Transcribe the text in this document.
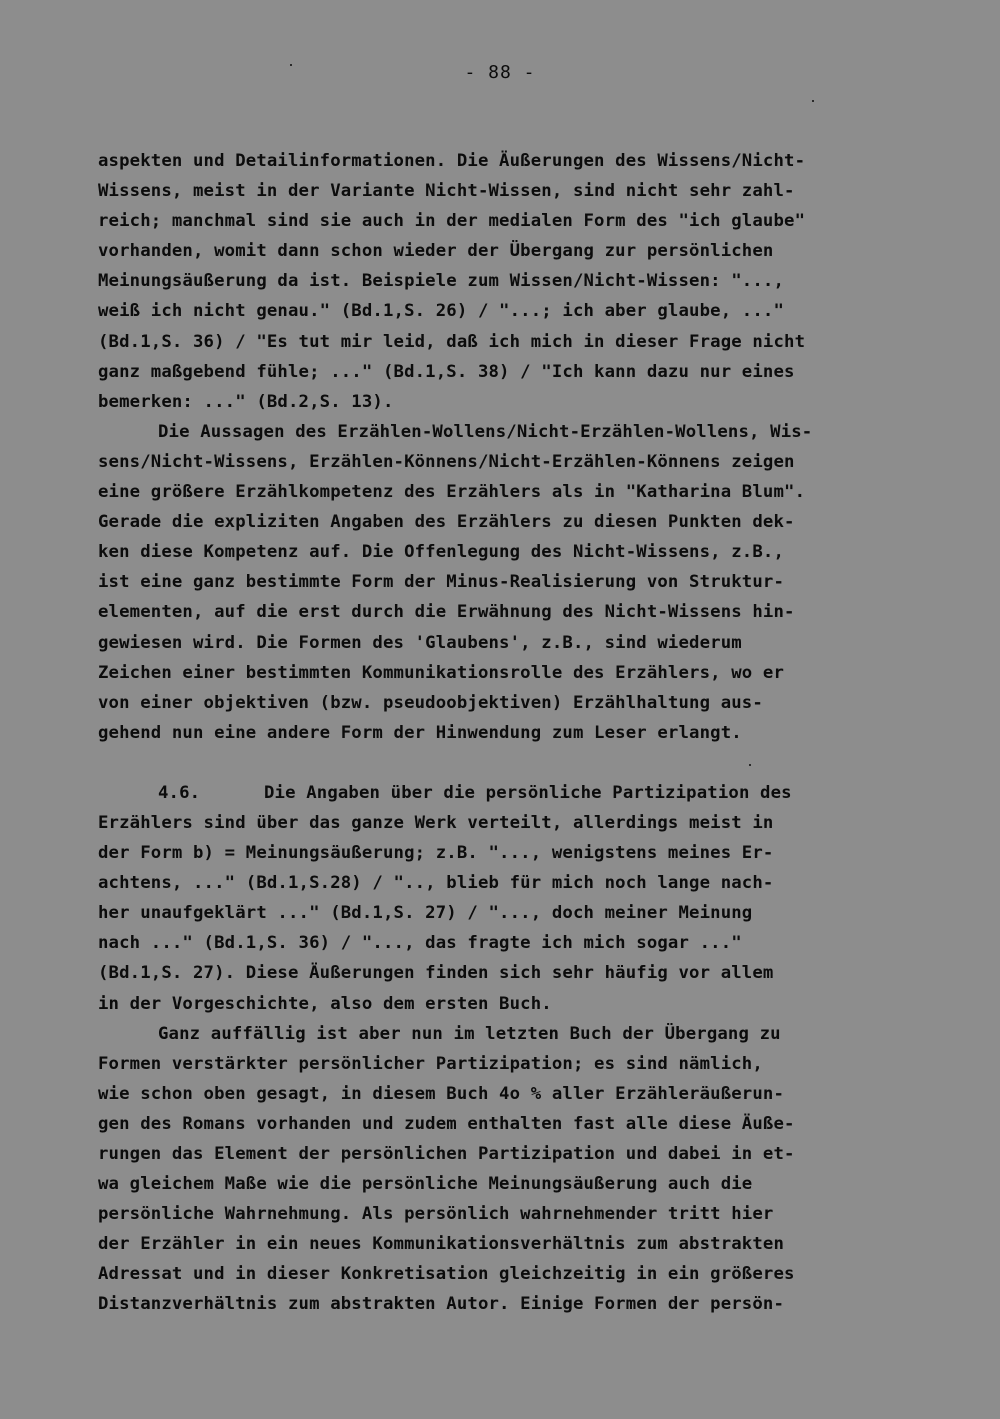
- 88 -
aspekten und Detailinformationen. Die Äußerungen des Wissens/Nicht-
Wissens, meist in der Variante Nicht-Wissen, sind nicht sehr zahl-
reich; manchmal sind sie auch in der medialen Form des "ich glaube"
vorhanden, womit dann schon wieder der Übergang zur persönlichen
Meinungsäußerung da ist. Beispiele zum Wissen/Nicht-Wissen: "...,
weiß ich nicht genau." (Bd.1,S. 26) / "...; ich aber glaube, ..."
(Bd.1,S. 36) / "Es tut mir leid, daß ich mich in dieser Frage nicht
ganz maßgebend fühle; ..." (Bd.1,S. 38) / "Ich kann dazu nur eines
bemerken: ..." (Bd.2,S. 13).
Die Aussagen des Erzählen-Wollens/Nicht-Erzählen-Wollens, Wis-
sens/Nicht-Wissens, Erzählen-Könnens/Nicht-Erzählen-Könnens zeigen
eine größere Erzählkompetenz des Erzählers als in "Katharina Blum".
Gerade die expliziten Angaben des Erzählers zu diesen Punkten dek-
ken diese Kompetenz auf. Die Offenlegung des Nicht-Wissens, z.B.,
ist eine ganz bestimmte Form der Minus-Realisierung von Struktur-
elementen, auf die erst durch die Erwähnung des Nicht-Wissens hin-
gewiesen wird. Die Formen des 'Glaubens', z.B., sind wiederum
Zeichen einer bestimmten Kommunikationsrolle des Erzählers, wo er
von einer objektiven (bzw. pseudoobjektiven) Erzählhaltung aus-
gehend nun eine andere Form der Hinwendung zum Leser erlangt.
4.6.	Die Angaben über die persönliche Partizipation des
Erzählers sind über das ganze Werk verteilt, allerdings meist in
der Form b) = Meinungsäußerung; z.B. "..., wenigstens meines Er-
achtens, ..." (Bd.1,S.28) / ".., blieb für mich noch lange nach-
her unaufgeklärt ..." (Bd.1,S. 27) / "..., doch meiner Meinung
nach ..." (Bd.1,S. 36) / "..., das fragte ich mich sogar ..."
(Bd.1,S. 27). Diese Äußerungen finden sich sehr häufig vor allem
in der Vorgeschichte, also dem ersten Buch.
Ganz auffällig ist aber nun im letzten Buch der Übergang zu
Formen verstärkter persönlicher Partizipation; es sind nämlich,
wie schon oben gesagt, in diesem Buch 4o % aller Erzähleräußerun-
gen des Romans vorhanden und zudem enthalten fast alle diese Äuße-
rungen das Element der persönlichen Partizipation und dabei in et-
wa gleichem Maße wie die persönliche Meinungsäußerung auch die
persönliche Wahrnehmung. Als persönlich wahrnehmender tritt hier
der Erzähler in ein neues Kommunikationsverhältnis zum abstrakten
Adressat und in dieser Konkretisation gleichzeitig in ein größeres
Distanzverhältnis zum abstrakten Autor. Einige Formen der persön-
